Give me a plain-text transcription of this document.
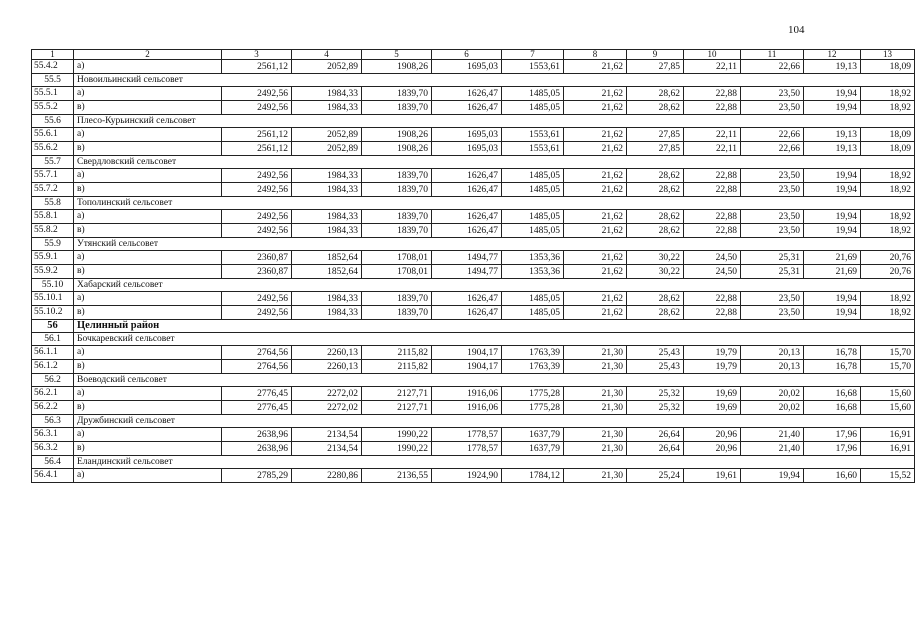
104
1	2	3	4	5	6	7	8	9	10	11	12	13
55.4.2	а)	2561,12	2052,89	1908,26	1695,03	1553,61	21,62	27,85	22,11	22,66	19,13	18,09
55.5	Новоильинский сельсовет											
55.5.1	а)	2492,56	1984,33	1839,70	1626,47	1485,05	21,62	28,62	22,88	23,50	19,94	18,92
55.5.2	в)	2492,56	1984,33	1839,70	1626,47	1485,05	21,62	28,62	22,88	23,50	19,94	18,92
55.6	Плесо-Курьинский сельсовет											
55.6.1	а)	2561,12	2052,89	1908,26	1695,03	1553,61	21,62	27,85	22,11	22,66	19,13	18,09
55.6.2	в)	2561,12	2052,89	1908,26	1695,03	1553,61	21,62	27,85	22,11	22,66	19,13	18,09
55.7	Свердловский сельсовет											
55.7.1	а)	2492,56	1984,33	1839,70	1626,47	1485,05	21,62	28,62	22,88	23,50	19,94	18,92
55.7.2	в)	2492,56	1984,33	1839,70	1626,47	1485,05	21,62	28,62	22,88	23,50	19,94	18,92
55.8	Тополинский сельсовет											
55.8.1	а)	2492,56	1984,33	1839,70	1626,47	1485,05	21,62	28,62	22,88	23,50	19,94	18,92
55.8.2	в)	2492,56	1984,33	1839,70	1626,47	1485,05	21,62	28,62	22,88	23,50	19,94	18,92
55.9	Утянский сельсовет											
55.9.1	а)	2360,87	1852,64	1708,01	1494,77	1353,36	21,62	30,22	24,50	25,31	21,69	20,76
55.9.2	в)	2360,87	1852,64	1708,01	1494,77	1353,36	21,62	30,22	24,50	25,31	21,69	20,76
55.10	Хабарский сельсовет											
55.10.1	а)	2492,56	1984,33	1839,70	1626,47	1485,05	21,62	28,62	22,88	23,50	19,94	18,92
55.10.2	в)	2492,56	1984,33	1839,70	1626,47	1485,05	21,62	28,62	22,88	23,50	19,94	18,92
56	Целинный район											
56.1	Бочкаревский сельсовет											
56.1.1	а)	2764,56	2260,13	2115,82	1904,17	1763,39	21,30	25,43	19,79	20,13	16,78	15,70
56.1.2	в)	2764,56	2260,13	2115,82	1904,17	1763,39	21,30	25,43	19,79	20,13	16,78	15,70
56.2	Воеводский сельсовет											
56.2.1	а)	2776,45	2272,02	2127,71	1916,06	1775,28	21,30	25,32	19,69	20,02	16,68	15,60
56.2.2	в)	2776,45	2272,02	2127,71	1916,06	1775,28	21,30	25,32	19,69	20,02	16,68	15,60
56.3	Дружбинский сельсовет											
56.3.1	а)	2638,96	2134,54	1990,22	1778,57	1637,79	21,30	26,64	20,96	21,40	17,96	16,91
56.3.2	в)	2638,96	2134,54	1990,22	1778,57	1637,79	21,30	26,64	20,96	21,40	17,96	16,91
56.4	Еландинский сельсовет											
56.4.1	а)	2785,29	2280,86	2136,55	1924,90	1784,12	21,30	25,24	19,61	19,94	16,60	15,52
